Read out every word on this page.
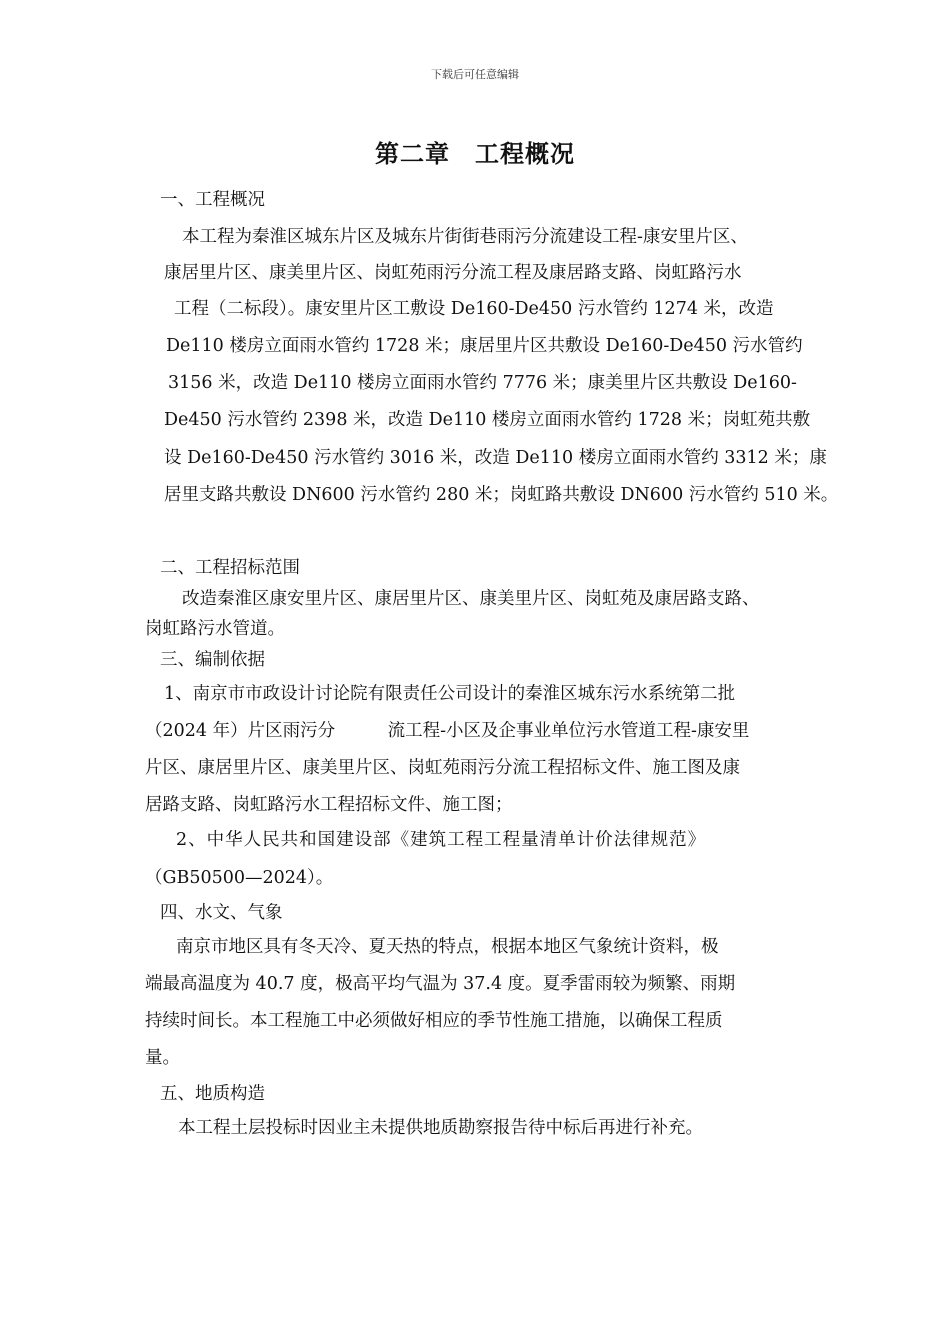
下载后可任意编辑
第二章　工程概况
一、工程概况
本工程为秦淮区城东片区及城东片街街巷雨污分流建设工程-康安里片区、
康居里片区、康美里片区、岗虹苑雨污分流工程及康居路支路、岗虹路污水
工程（二标段）。康安里片区工敷设 De160-De450 污水管约 1274 米，改造
De110 楼房立面雨水管约 1728 米；康居里片区共敷设 De160-De450 污水管约
3156 米，改造 De110 楼房立面雨水管约 7776 米；康美里片区共敷设 De160-
De450 污水管约 2398 米，改造 De110 楼房立面雨水管约 1728 米；岗虹苑共敷
设 De160-De450 污水管约 3016 米，改造 De110 楼房立面雨水管约 3312 米；康
居里支路共敷设 DN600 污水管约 280 米；岗虹路共敷设 DN600 污水管约 510 米。
二、工程招标范围
改造秦淮区康安里片区、康居里片区、康美里片区、岗虹苑及康居路支路、
岗虹路污水管道。
三、编制依据
1、南京市市政设计讨论院有限责任公司设计的秦淮区城东污水系统第二批
（2024 年）片区雨污分　　　流工程-小区及企事业单位污水管道工程-康安里
片区、康居里片区、康美里片区、岗虹苑雨污分流工程招标文件、施工图及康
居路支路、岗虹路污水工程招标文件、施工图；
2、中华人民共和国建设部《建筑工程工程量清单计价法律规范》
（GB50500—2024）。
四、水文、气象
南京市地区具有冬天冷、夏天热的特点，根据本地区气象统计资料，极
端最高温度为 40.7 度，极高平均气温为 37.4 度。夏季雷雨较为频繁、雨期
持续时间长。本工程施工中必须做好相应的季节性施工措施，以确保工程质
量。
五、地质构造
本工程土层投标时因业主未提供地质勘察报告待中标后再进行补充。
